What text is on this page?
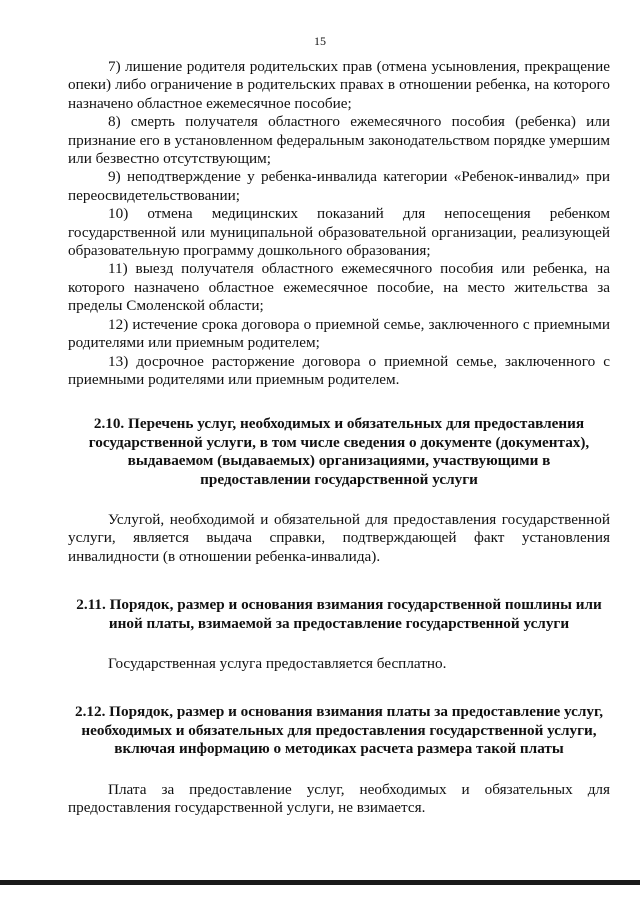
15

7) лишение родителя родительских прав (отмена усыновления, прекращение опеки) либо ограничение в родительских правах в отношении ребенка, на которого назначено областное ежемесячное пособие;

8) смерть получателя областного ежемесячного пособия (ребенка) или признание его в установленном федеральным законодательством порядке умершим или безвестно отсутствующим;

9) неподтверждение у ребенка-инвалида категории «Ребенок-инвалид» при переосвидетельствовании;

10) отмена медицинских показаний для непосещения ребенком государственной или муниципальной образовательной организации, реализующей образовательную программу дошкольного образования;

11) выезд получателя областного ежемесячного пособия или ребенка, на которого назначено областное ежемесячное пособие, на место жительства за пределы Смоленской области;

12) истечение срока договора о приемной семье, заключенного с приемными родителями или приемным родителем;

13) досрочное расторжение договора о приемной семье, заключенного с приемными родителями или приемным родителем.

2.10. Перечень услуг, необходимых и обязательных для предоставления государственной услуги, в том числе сведения о документе (документах), выдаваемом (выдаваемых) организациями, участвующими в предоставлении государственной услуги

Услугой, необходимой и обязательной для предоставления государственной услуги, является выдача справки, подтверждающей факт установления инвалидности (в отношении ребенка-инвалида).

2.11. Порядок, размер и основания взимания государственной пошлины или иной платы, взимаемой за предоставление государственной услуги

Государственная услуга предоставляется бесплатно.

2.12. Порядок, размер и основания взимания платы за предоставление услуг, необходимых и обязательных для предоставления государственной услуги, включая информацию о методиках расчета размера такой платы

Плата за предоставление услуг, необходимых и обязательных для предоставления государственной услуги, не взимается.
